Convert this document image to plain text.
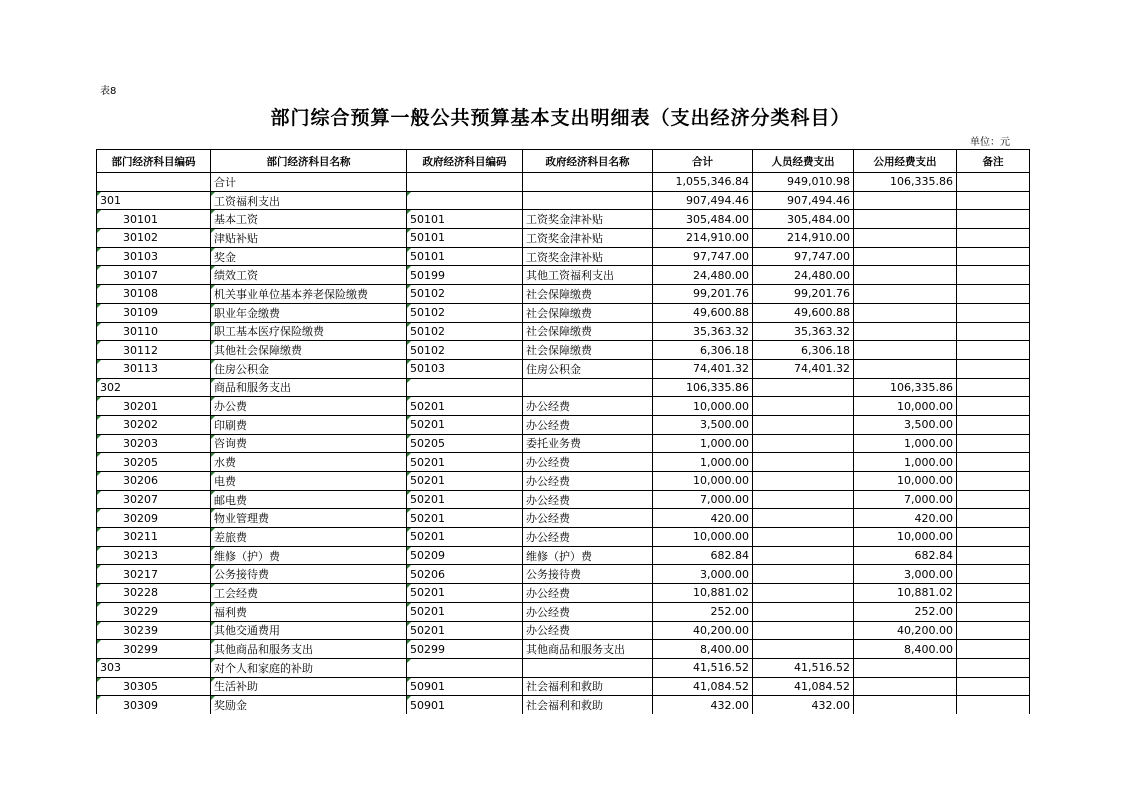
表8
部门综合预算一般公共预算基本支出明细表（支出经济分类科目）
单位：元
部门经济科目编码	部门经济科目名称	政府经济科目编码	政府经济科目名称	合计	人员经费支出	公用经费支出	备注
	合计			1,055,346.84	949,010.98	106,335.86	
301	工资福利支出			907,494.46	907,494.46		
30101	基本工资	50101	工资奖金津补贴	305,484.00	305,484.00		
30102	津贴补贴	50101	工资奖金津补贴	214,910.00	214,910.00		
30103	奖金	50101	工资奖金津补贴	97,747.00	97,747.00		
30107	绩效工资	50199	其他工资福利支出	24,480.00	24,480.00		
30108	机关事业单位基本养老保险缴费	50102	社会保障缴费	99,201.76	99,201.76		
30109	职业年金缴费	50102	社会保障缴费	49,600.88	49,600.88		
30110	职工基本医疗保险缴费	50102	社会保障缴费	35,363.32	35,363.32		
30112	其他社会保障缴费	50102	社会保障缴费	6,306.18	6,306.18		
30113	住房公积金	50103	住房公积金	74,401.32	74,401.32		
302	商品和服务支出			106,335.86		106,335.86	
30201	办公费	50201	办公经费	10,000.00		10,000.00	
30202	印刷费	50201	办公经费	3,500.00		3,500.00	
30203	咨询费	50205	委托业务费	1,000.00		1,000.00	
30205	水费	50201	办公经费	1,000.00		1,000.00	
30206	电费	50201	办公经费	10,000.00		10,000.00	
30207	邮电费	50201	办公经费	7,000.00		7,000.00	
30209	物业管理费	50201	办公经费	420.00		420.00	
30211	差旅费	50201	办公经费	10,000.00		10,000.00	
30213	维修（护）费	50209	维修（护）费	682.84		682.84	
30217	公务接待费	50206	公务接待费	3,000.00		3,000.00	
30228	工会经费	50201	办公经费	10,881.02		10,881.02	
30229	福利费	50201	办公经费	252.00		252.00	
30239	其他交通费用	50201	办公经费	40,200.00		40,200.00	
30299	其他商品和服务支出	50299	其他商品和服务支出	8,400.00		8,400.00	
303	对个人和家庭的补助			41,516.52	41,516.52		
30305	生活补助	50901	社会福利和救助	41,084.52	41,084.52		
30309	奖励金	50901	社会福利和救助	432.00	432.00		
